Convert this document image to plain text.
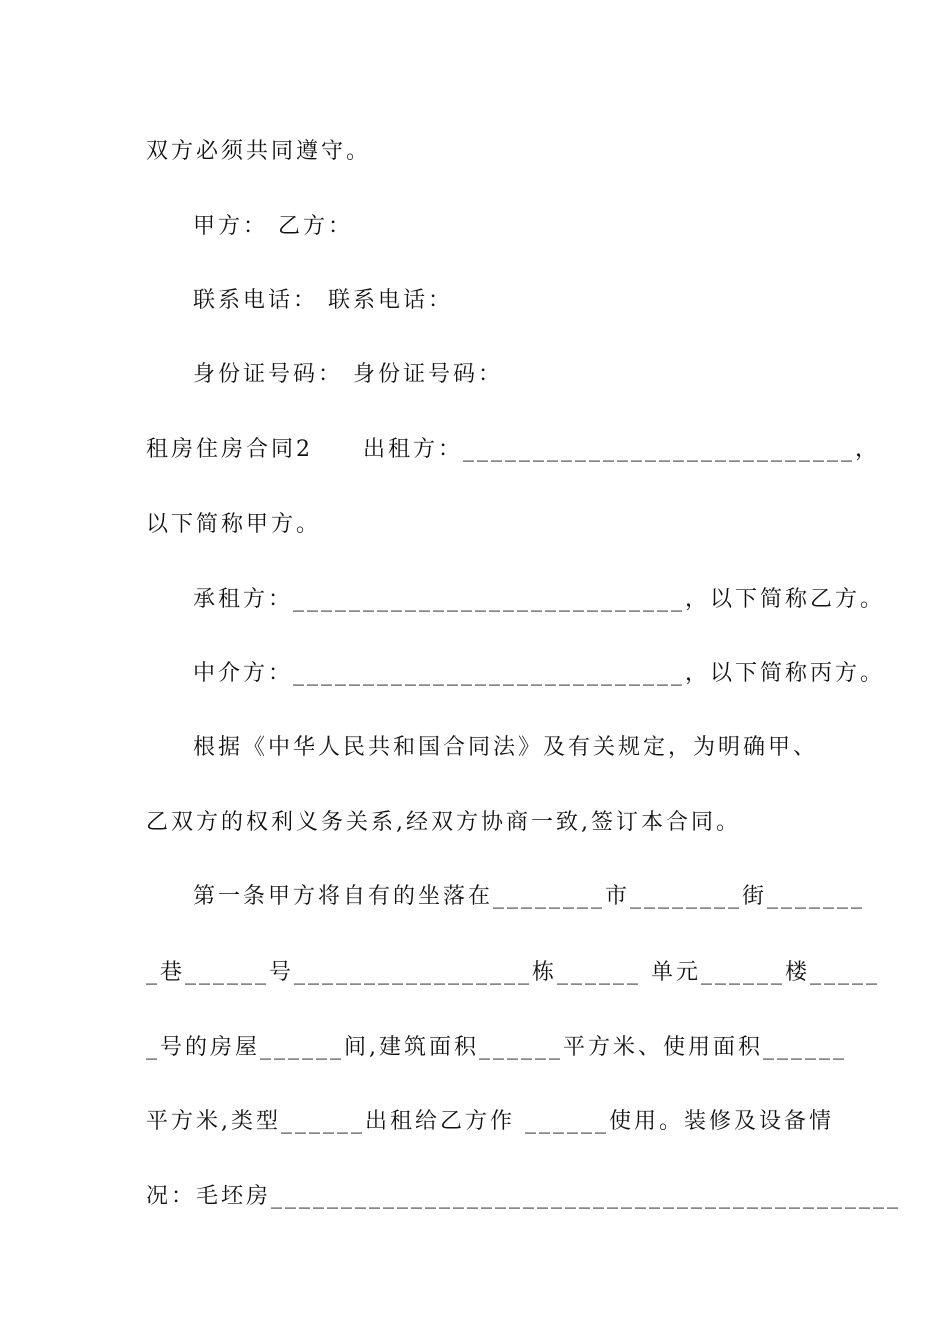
双方必须共同遵守。
甲方： 乙方：
联系电话： 联系电话：
身份证号码： 身份证号码：
租房住房合同2　　出租方：____________________________，
以下简称甲方。
承租方：____________________________，以下简称乙方。
中介方：____________________________，以下简称丙方。
根据《中华人民共和国合同法》及有关规定，为明确甲、
乙双方的权利义务关系,经双方协商一致,签订本合同。
第一条甲方将自有的坐落在________市________街_______
_巷______号_________________栋______ 单元______楼_____
_号的房屋______间,建筑面积______平方米、使用面积______
平方米,类型______出租给乙方作 ______使用。装修及设备情
况：毛坯房_____________________________________________
